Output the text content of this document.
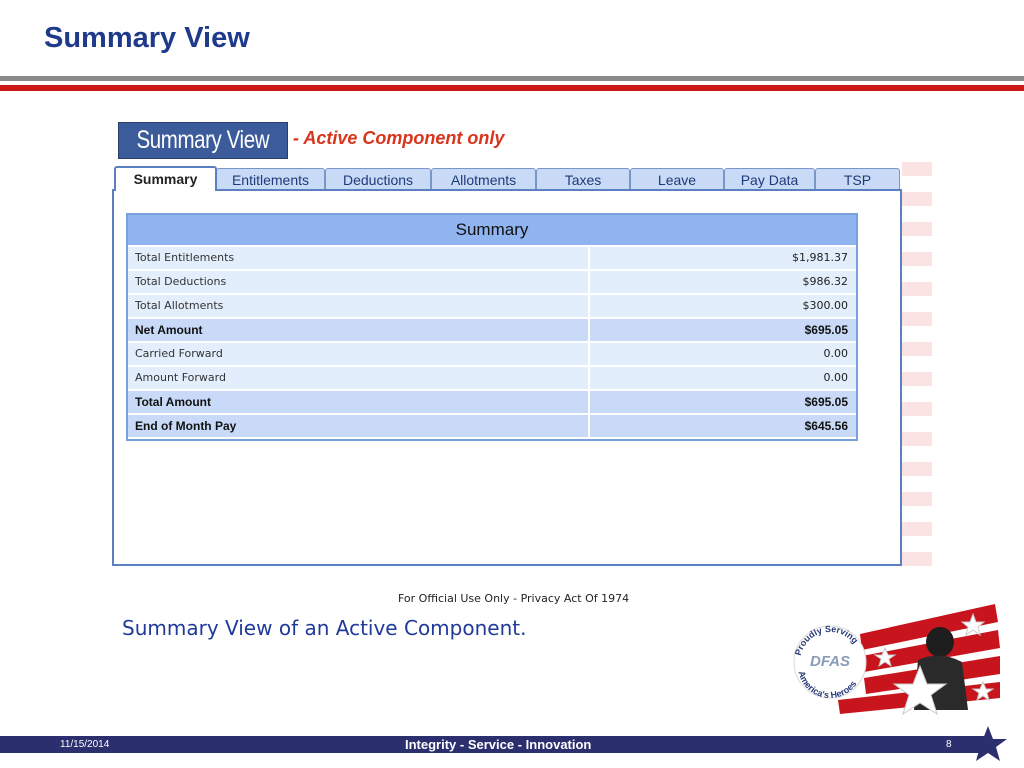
Summary View
Summary View	- Active Component only
Summary	Entitlements	Deductions	Allotments	Taxes	Leave	Pay Data	TSP
Summary
Total Entitlements	$1,981.37
Total Deductions	$986.32
Total Allotments	$300.00
Net Amount	$695.05
Carried Forward	0.00
Amount Forward	0.00
Total Amount	$695.05
End of Month Pay	$645.56
For Official Use Only - Privacy Act Of 1974
Summary View of an Active Component.
Proudly Serving
DFAS
America's Heroes
11/15/2014	Integrity - Service - Innovation	8
